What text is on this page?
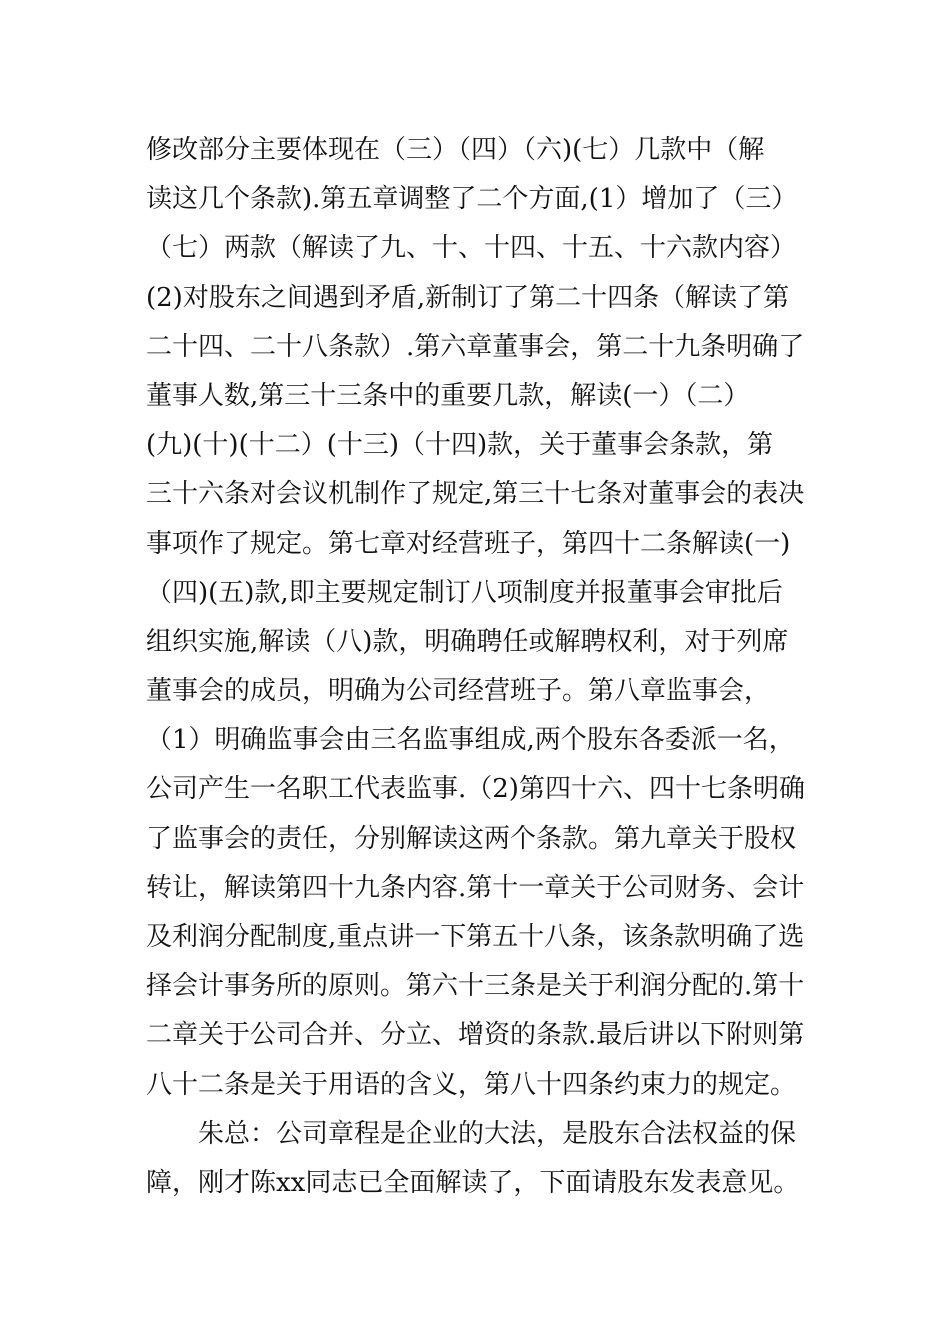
修改部分主要体现在（三）（四）（六)(七）几款中（解
读这几个条款).第五章调整了二个方面,(1）增加了（三）
（七）两款（解读了九、十、十四、十五、十六款内容）
(2)对股东之间遇到矛盾,新制订了第二十四条（解读了第
二十四、二十八条款）.第六章董事会，第二十九条明确了
董事人数,第三十三条中的重要几款，解读(一）（二）
(九)(十)(十二）(十三)（十四)款，关于董事会条款，第
三十六条对会议机制作了规定,第三十七条对董事会的表决
事项作了规定。第七章对经营班子，第四十二条解读(一)
（四)(五)款,即主要规定制订八项制度并报董事会审批后
组织实施,解读（八)款，明确聘任或解聘权利，对于列席
董事会的成员，明确为公司经营班子。第八章监事会，
（1）明确监事会由三名监事组成,两个股东各委派一名，
公司产生一名职工代表监事.（2)第四十六、四十七条明确
了监事会的责任，分别解读这两个条款。第九章关于股权
转让，解读第四十九条内容.第十一章关于公司财务、会计
及利润分配制度,重点讲一下第五十八条，该条款明确了选
择会计事务所的原则。第六十三条是关于利润分配的.第十
二章关于公司合并、分立、增资的条款.最后讲以下附则第
八十二条是关于用语的含义，第八十四条约束力的规定。
朱总：公司章程是企业的大法，是股东合法权益的保
障，刚才陈xx同志已全面解读了，下面请股东发表意见。
